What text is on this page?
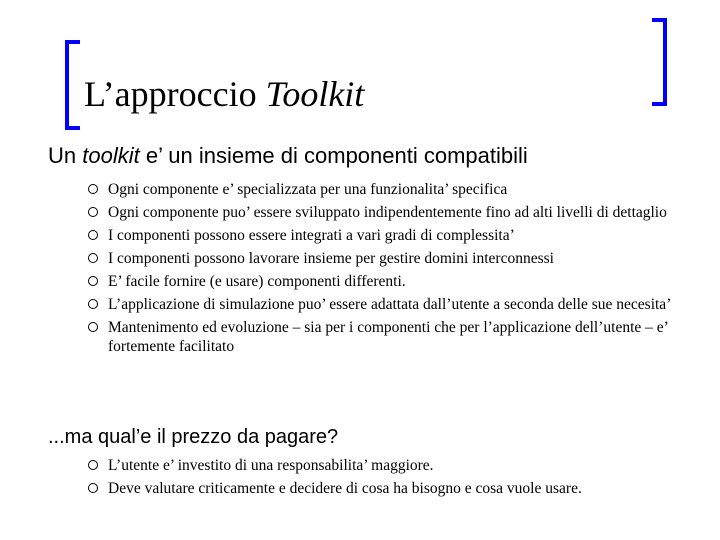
L’approccio Toolkit
Un toolkit e’ un insieme di componenti compatibili
Ogni componente e’ specializzata per una funzionalita’ specifica
Ogni componente puo’ essere sviluppato indipendentemente fino ad alti livelli di dettaglio
I componenti possono essere integrati a vari gradi di complessita’
I componenti possono lavorare insieme per gestire domini interconnessi
E’ facile fornire (e usare) componenti differenti.
L’applicazione di simulazione puo’ essere adattata dall’utente a seconda delle sue necesita’
Mantenimento ed evoluzione – sia per i componenti che per l’applicazione dell’utente – e’ fortemente facilitato
...ma qual’e il prezzo da pagare?
L’utente e’ investito di una responsabilita’ maggiore.
Deve valutare criticamente e decidere di cosa ha bisogno e cosa vuole usare.
